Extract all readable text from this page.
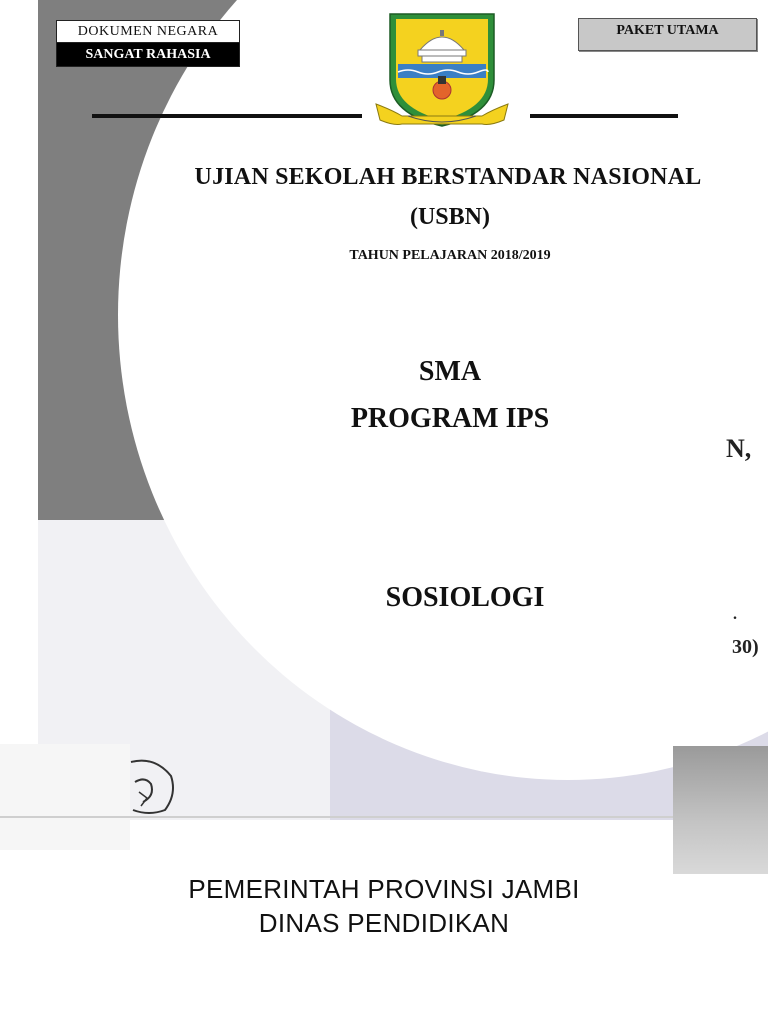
DOKUMEN NEGARA
SANGAT RAHASIA
PAKET UTAMA
UJIAN SEKOLAH BERSTANDAR NASIONAL
(USBN)
TAHUN PELAJARAN 2018/2019
SMA
PROGRAM IPS
N,
SOSIOLOGI
.
30)
PEMERINTAH PROVINSI JAMBI
DINAS PENDIDIKAN
